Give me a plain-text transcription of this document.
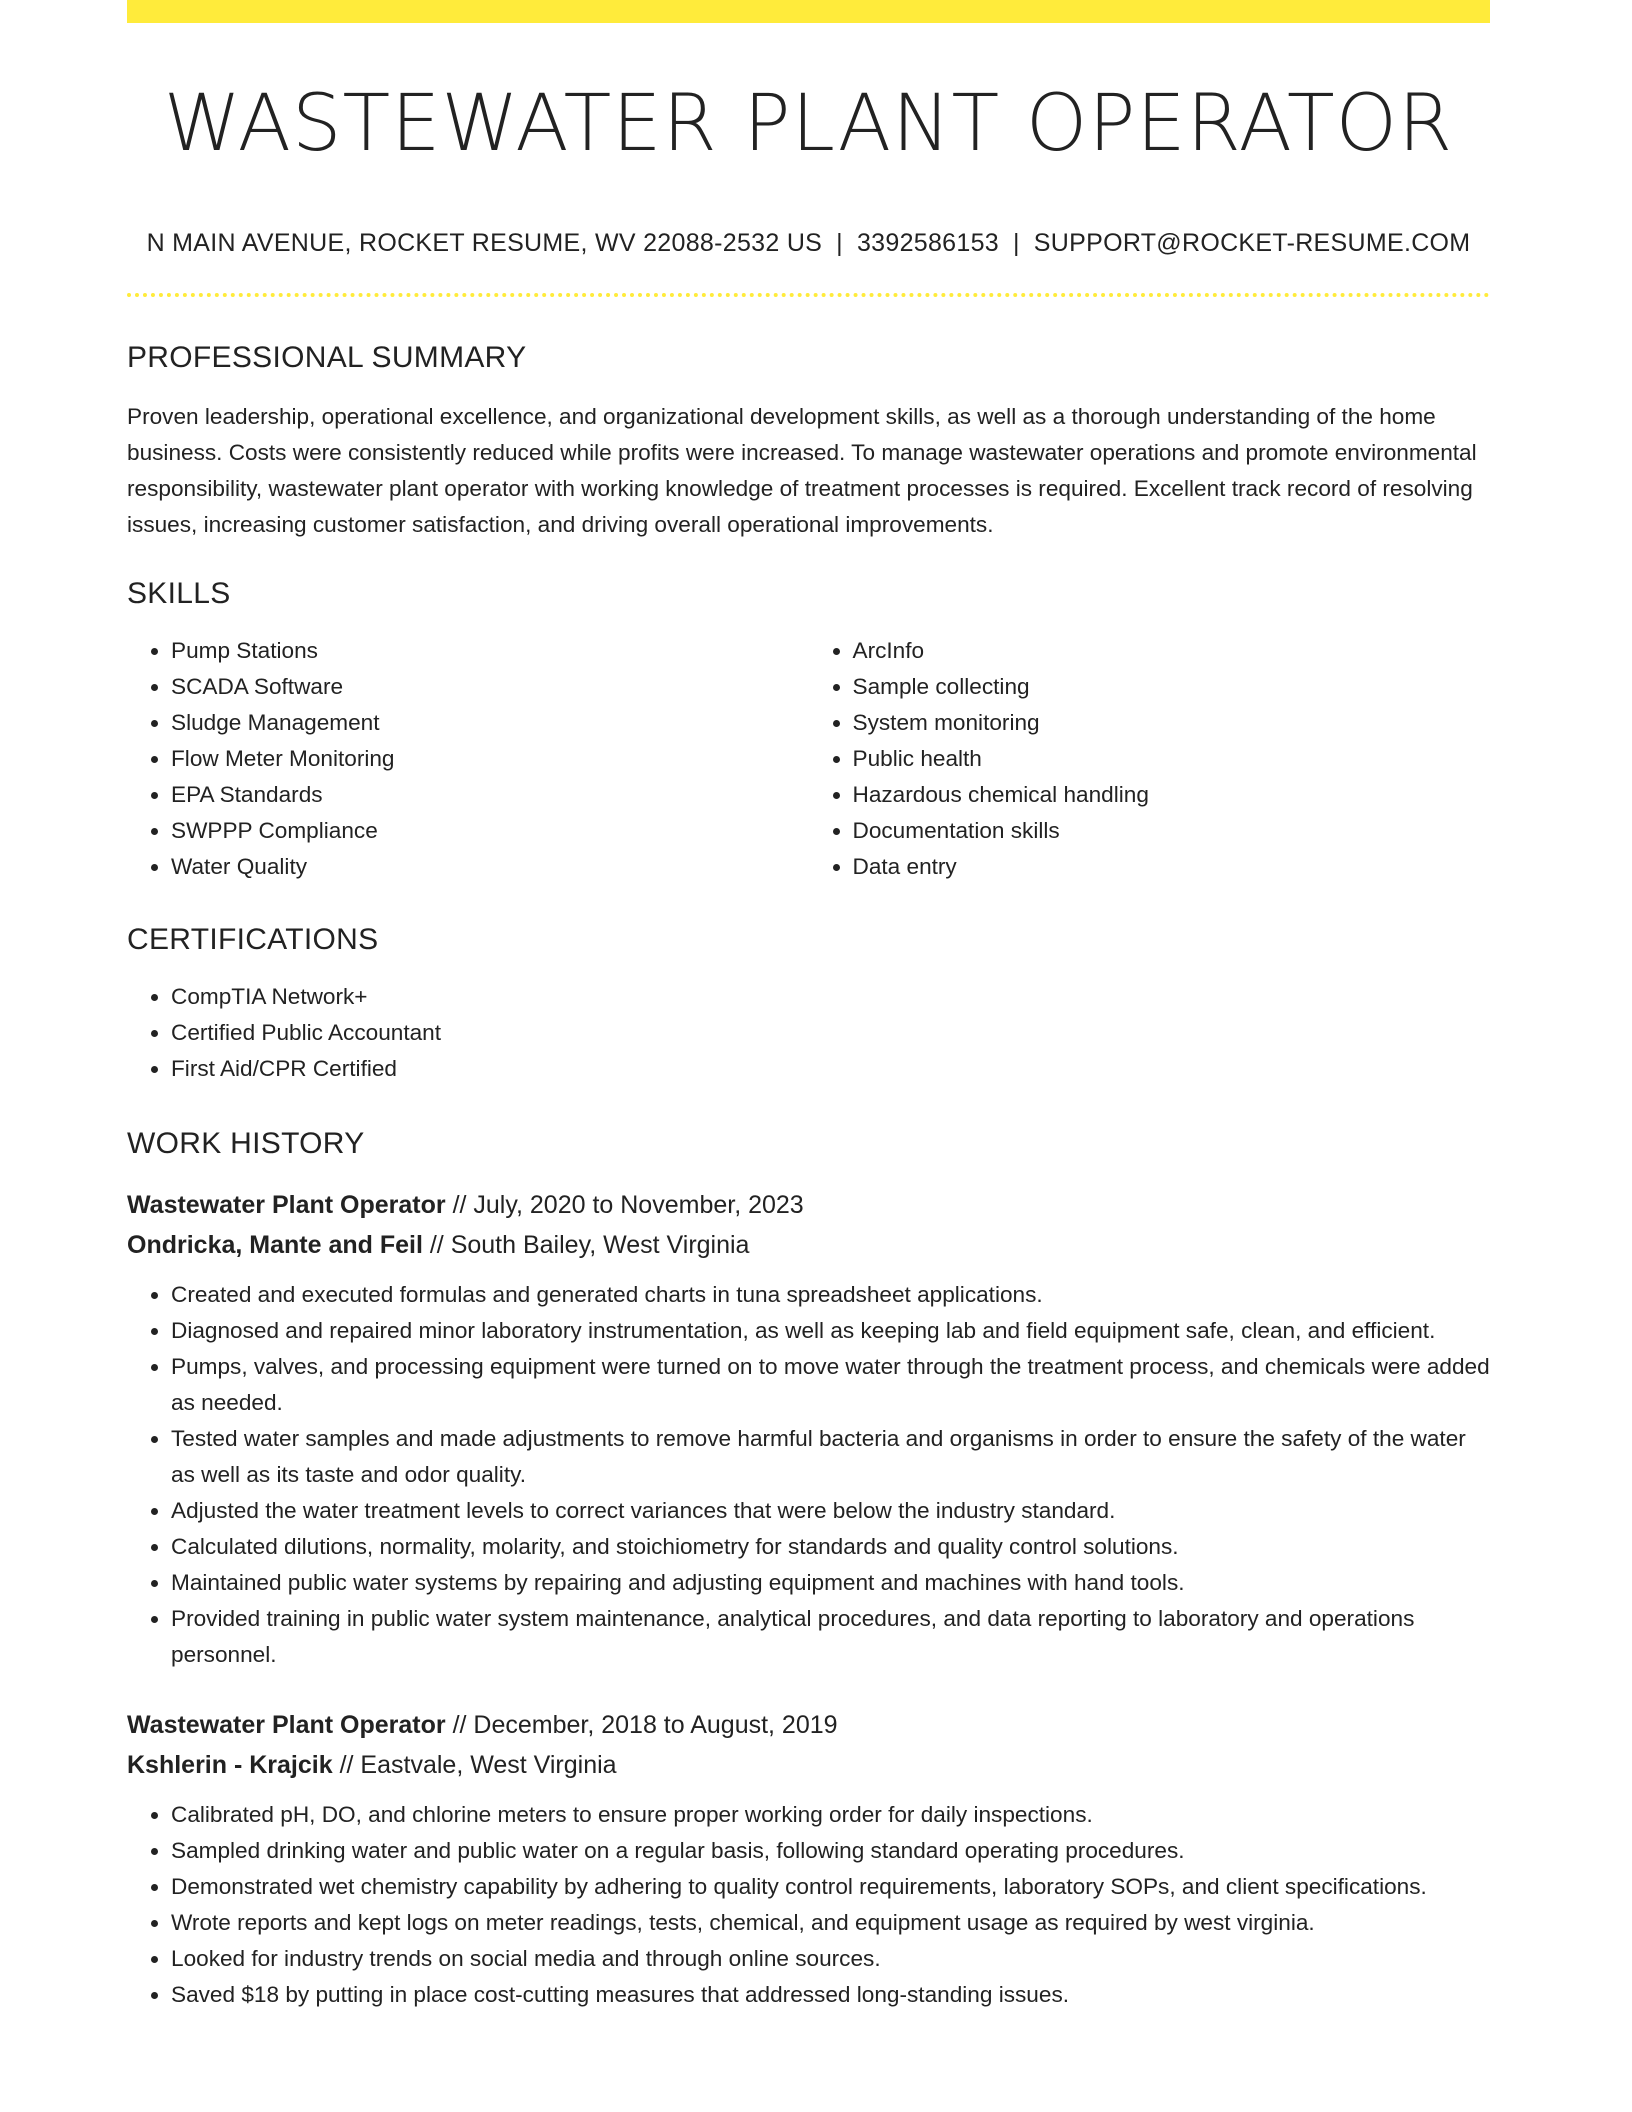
WASTEWATER PLANT OPERATOR
N MAIN AVENUE, ROCKET RESUME, WV 22088-2532 US | 3392586153 | SUPPORT@ROCKET-RESUME.COM
PROFESSIONAL SUMMARY

Proven leadership, operational excellence, and organizational development skills, as well as a thorough understanding of the home business. Costs were consistently reduced while profits were increased. To manage wastewater operations and promote environmental responsibility, wastewater plant operator with working knowledge of treatment processes is required. Excellent track record of resolving issues, increasing customer satisfaction, and driving overall operational improvements.

SKILLS
• Pump Stations
• SCADA Software
• Sludge Management
• Flow Meter Monitoring
• EPA Standards
• SWPPP Compliance
• Water Quality
• ArcInfo
• Sample collecting
• System monitoring
• Public health
• Hazardous chemical handling
• Documentation skills
• Data entry
CERTIFICATIONS
• CompTIA Network+
• Certified Public Accountant
• First Aid/CPR Certified
WORK HISTORY
Wastewater Plant Operator // July, 2020 to November, 2023
Ondricka, Mante and Feil // South Bailey, West Virginia
• Created and executed formulas and generated charts in tuna spreadsheet applications.
• Diagnosed and repaired minor laboratory instrumentation, as well as keeping lab and field equipment safe, clean, and efficient.
• Pumps, valves, and processing equipment were turned on to move water through the treatment process, and chemicals were added as needed.
• Tested water samples and made adjustments to remove harmful bacteria and organisms in order to ensure the safety of the water as well as its taste and odor quality.
• Adjusted the water treatment levels to correct variances that were below the industry standard.
• Calculated dilutions, normality, molarity, and stoichiometry for standards and quality control solutions.
• Maintained public water systems by repairing and adjusting equipment and machines with hand tools.
• Provided training in public water system maintenance, analytical procedures, and data reporting to laboratory and operations personnel.
Wastewater Plant Operator // December, 2018 to August, 2019
Kshlerin - Krajcik // Eastvale, West Virginia
• Calibrated pH, DO, and chlorine meters to ensure proper working order for daily inspections.
• Sampled drinking water and public water on a regular basis, following standard operating procedures.
• Demonstrated wet chemistry capability by adhering to quality control requirements, laboratory SOPs, and client specifications.
• Wrote reports and kept logs on meter readings, tests, chemical, and equipment usage as required by west virginia.
• Looked for industry trends on social media and through online sources.
• Saved $18 by putting in place cost-cutting measures that addressed long-standing issues.
